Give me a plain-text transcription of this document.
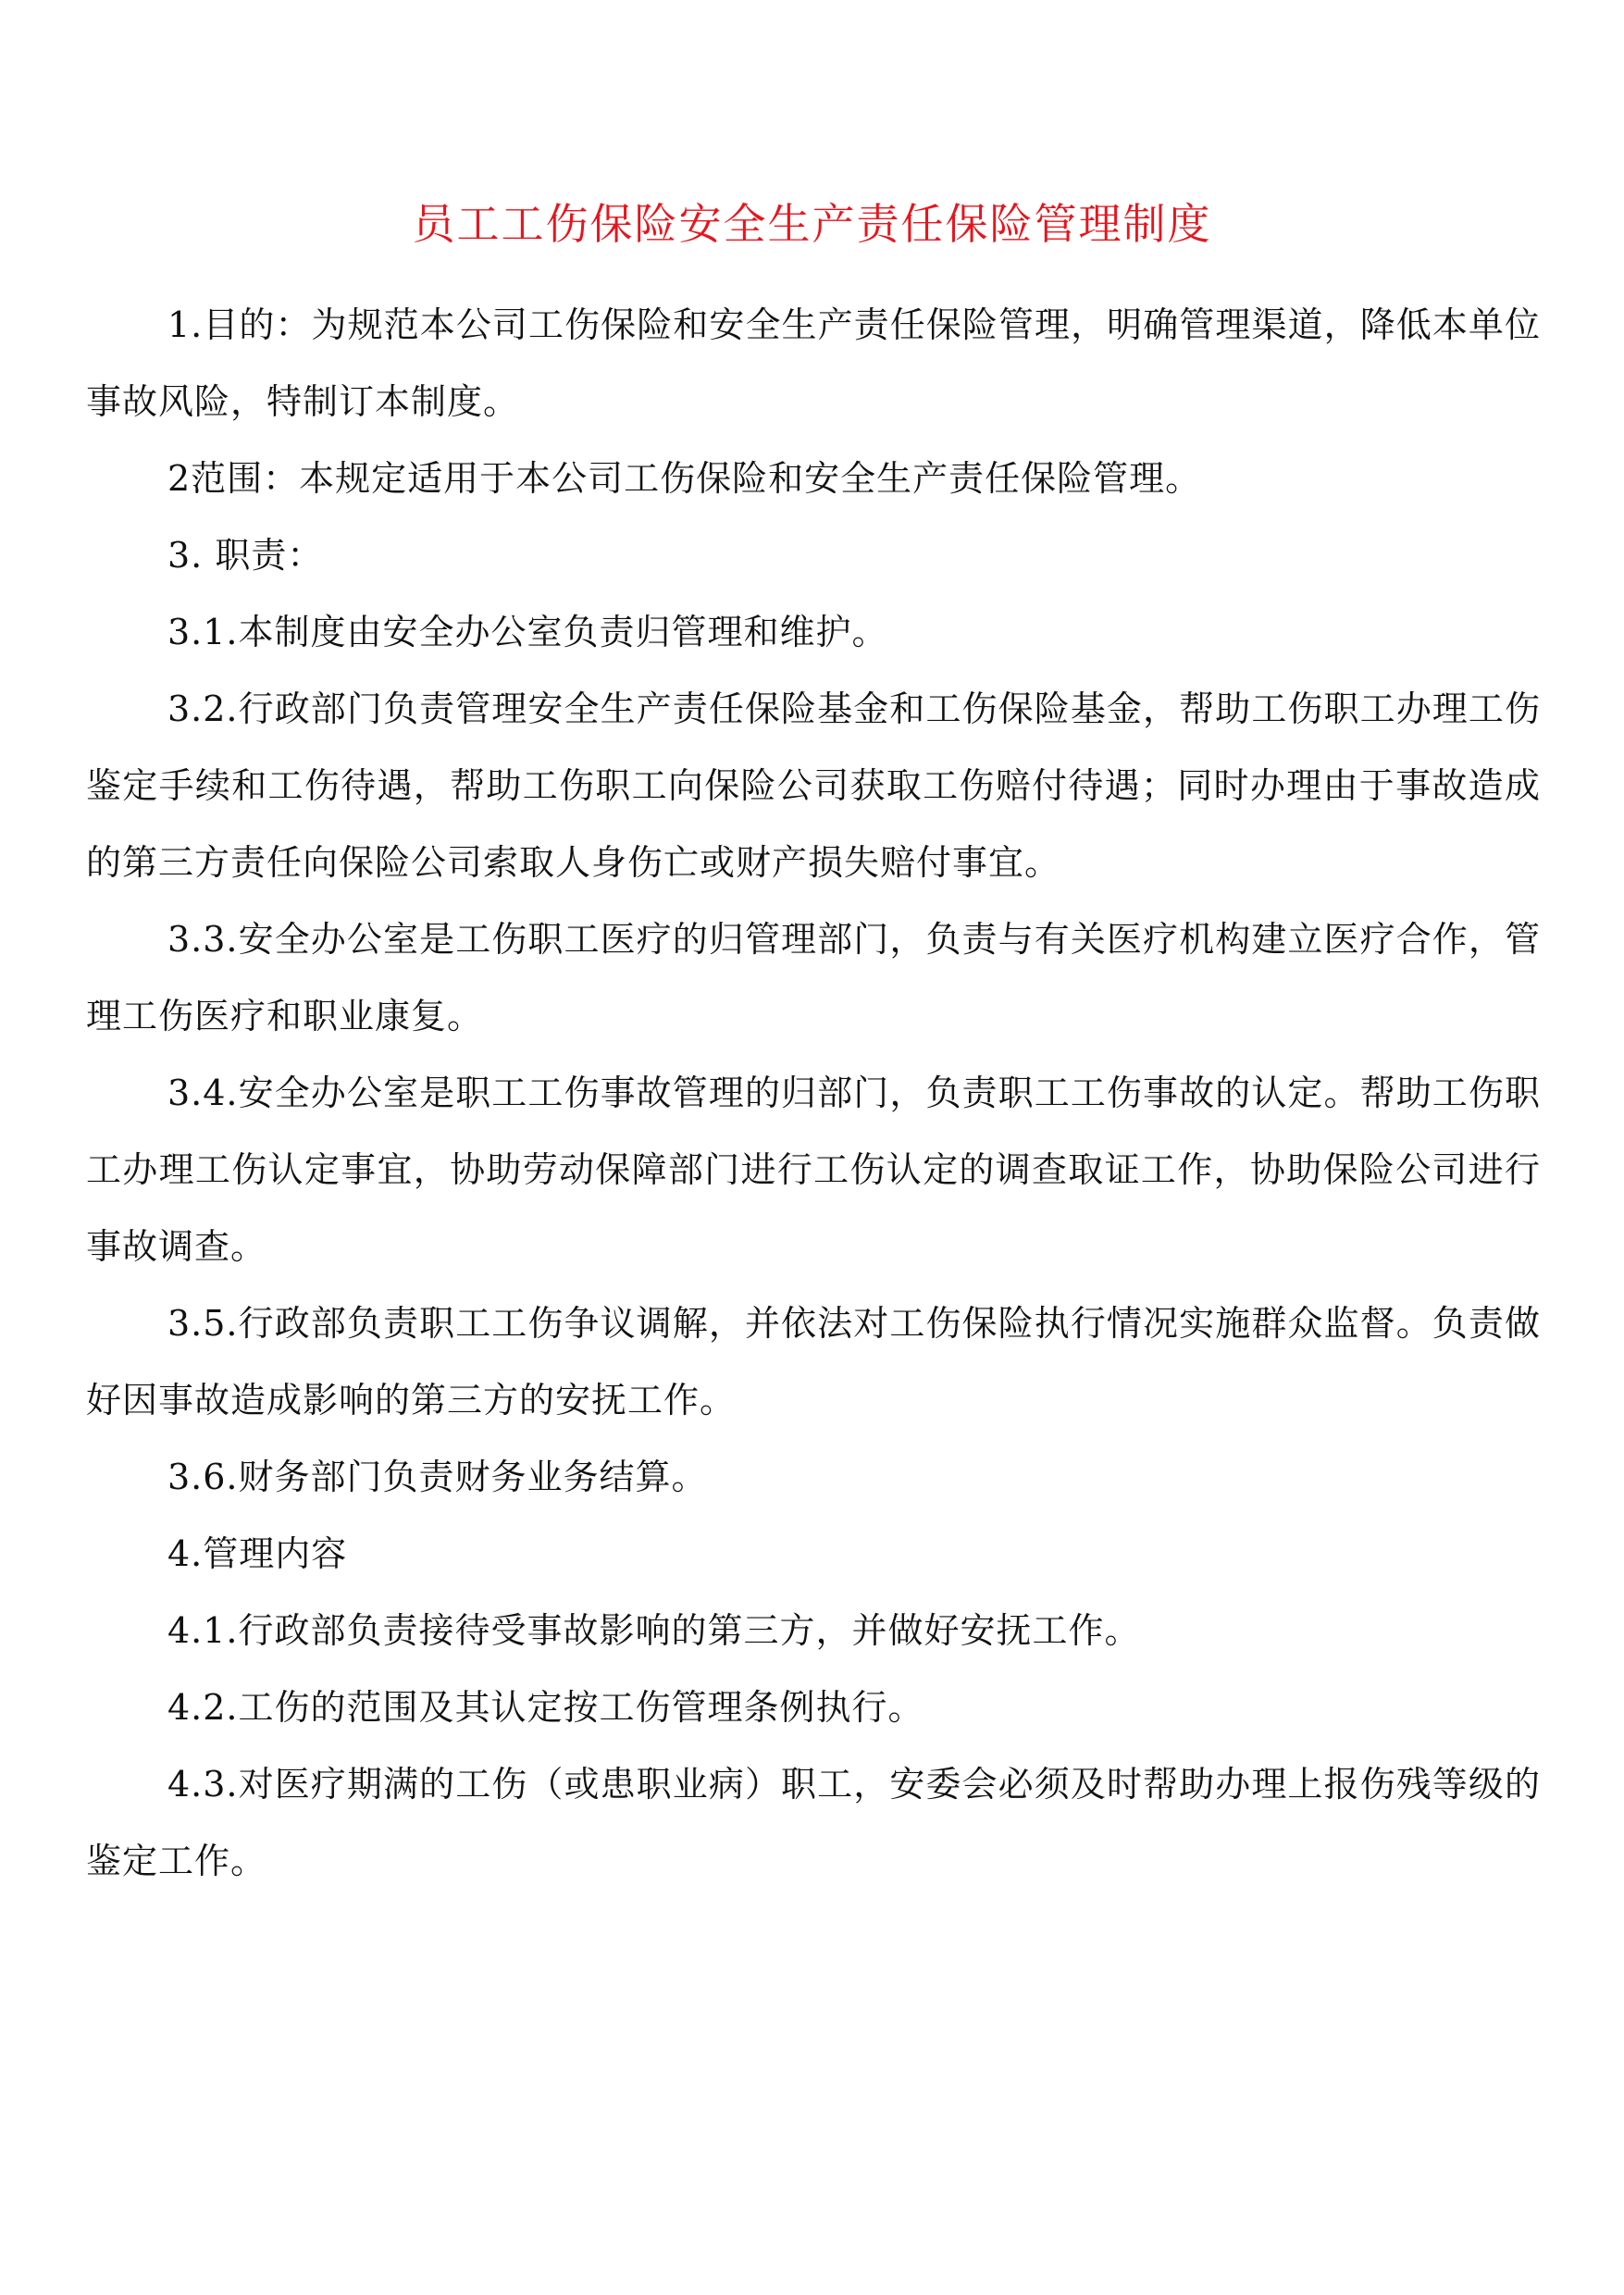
员工工伤保险安全生产责任保险管理制度

1.目的：为规范本公司工伤保险和安全生产责任保险管理，明确管理渠道，降低本单位事故风险，特制订本制度。

2范围：本规定适用于本公司工伤保险和安全生产责任保险管理。

3. 职责：

3.1.本制度由安全办公室负责归管理和维护。

3.2.行政部门负责管理安全生产责任保险基金和工伤保险基金，帮助工伤职工办理工伤鉴定手续和工伤待遇，帮助工伤职工向保险公司获取工伤赔付待遇；同时办理由于事故造成的第三方责任向保险公司索取人身伤亡或财产损失赔付事宜。

3.3.安全办公室是工伤职工医疗的归管理部门，负责与有关医疗机构建立医疗合作，管理工伤医疗和职业康复。

3.4.安全办公室是职工工伤事故管理的归部门，负责职工工伤事故的认定。帮助工伤职工办理工伤认定事宜，协助劳动保障部门进行工伤认定的调查取证工作，协助保险公司进行事故调查。

3.5.行政部负责职工工伤争议调解，并依法对工伤保险执行情况实施群众监督。负责做好因事故造成影响的第三方的安抚工作。

3.6.财务部门负责财务业务结算。

4.管理内容

4.1.行政部负责接待受事故影响的第三方，并做好安抚工作。

4.2.工伤的范围及其认定按工伤管理条例执行。

4.3.对医疗期满的工伤（或患职业病）职工，安委会必须及时帮助办理上报伤残等级的鉴定工作。
